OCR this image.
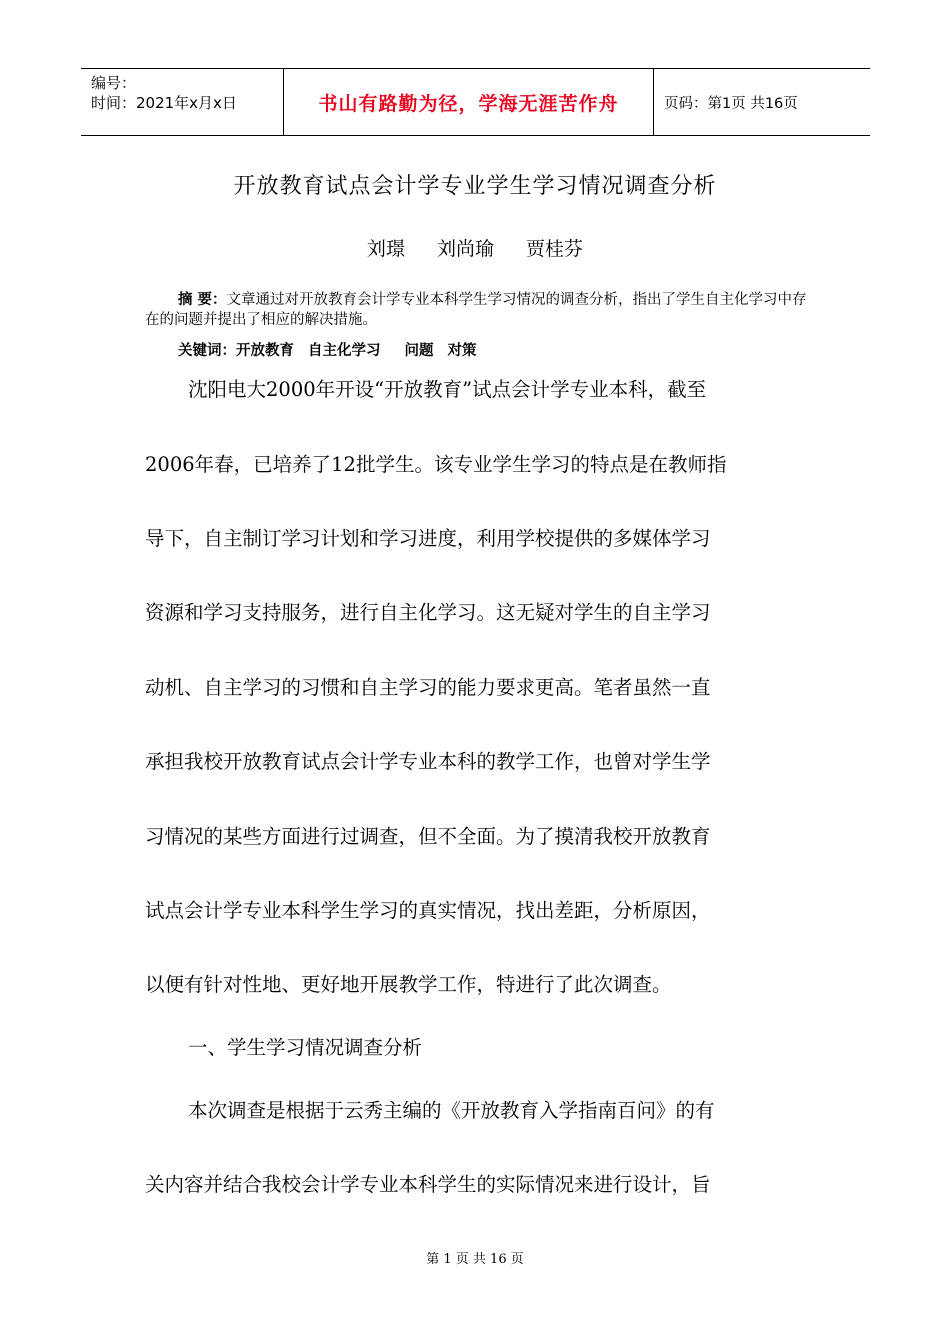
编号：
时间：2021年x月x日	书山有路勤为径，学海无涯苦作舟	页码：第1页 共16页
开放教育试点会计学专业学生学习情况调查分析
刘璟 刘尚瑜 贾桂芬
摘 要：文章通过对开放教育会计学专业本科学生学习情况的调查分析，指出了学生自主化学习中存在的问题并提出了相应的解决措施。
关键词：开放教育 自主化学习 问题 对策
沈阳电大2000年开设“开放教育”试点会计学专业本科，截至
2006年春，已培养了12批学生。该专业学生学习的特点是在教师指
导下，自主制订学习计划和学习进度，利用学校提供的多媒体学习
资源和学习支持服务，进行自主化学习。这无疑对学生的自主学习
动机、自主学习的习惯和自主学习的能力要求更高。笔者虽然一直
承担我校开放教育试点会计学专业本科的教学工作，也曾对学生学
习情况的某些方面进行过调查，但不全面。为了摸清我校开放教育
试点会计学专业本科学生学习的真实情况，找出差距，分析原因，
以便有针对性地、更好地开展教学工作，特进行了此次调查。
一、学生学习情况调查分析
本次调查是根据于云秀主编的《开放教育入学指南百问》的有
关内容并结合我校会计学专业本科学生的实际情况来进行设计，旨
第 1 页 共 16 页
